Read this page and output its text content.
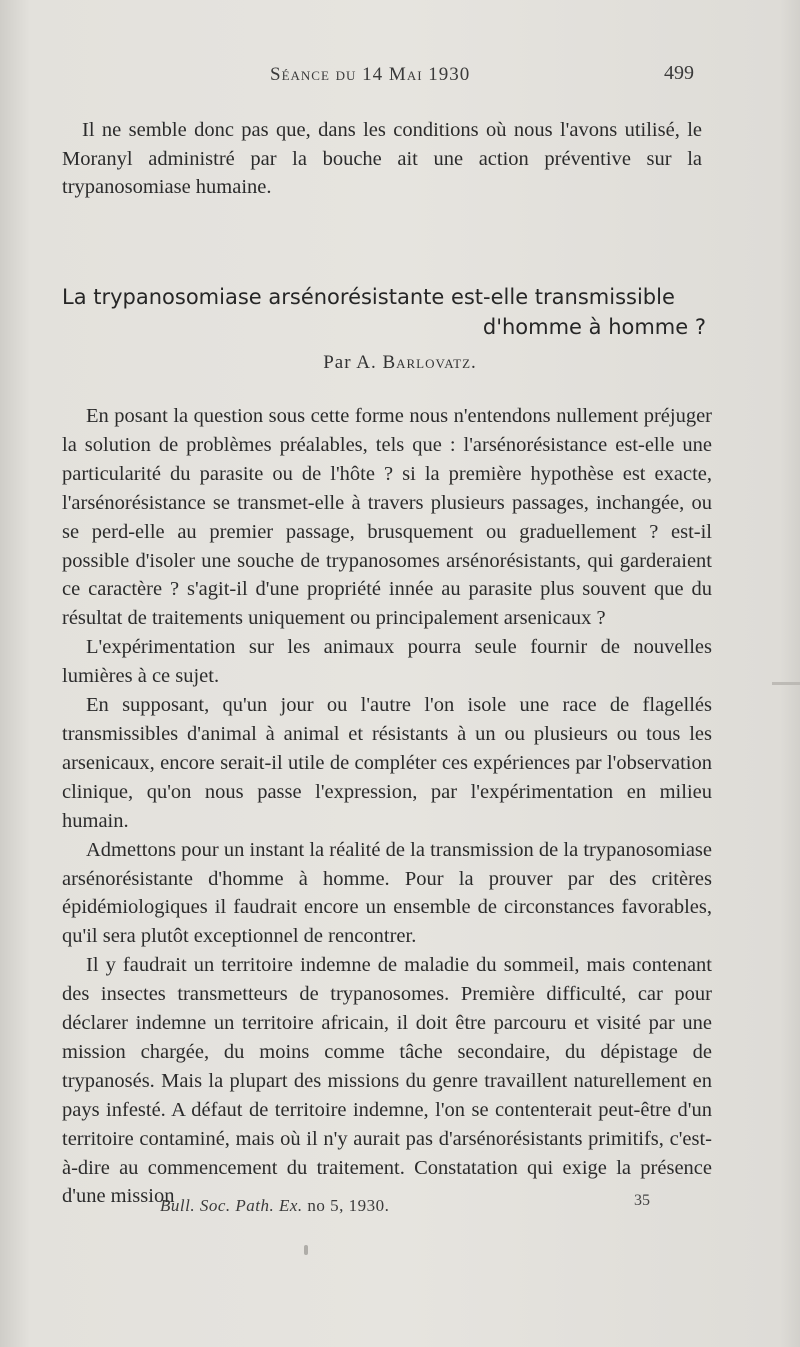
Séance du 14 Mai 1930	499

Il ne semble donc pas que, dans les conditions où nous l'avons utilisé, le Moranyl administré par la bouche ait une action préventive sur la trypanosomiase humaine.

La trypanosomiase arsénorésistante est-elle transmissible
d'homme à homme ?
Par A. Barlovatz.

En posant la question sous cette forme nous n'entendons nullement préjuger la solution de problèmes préalables, tels que : l'arsénorésistance est-elle une particularité du parasite ou de l'hôte ? si la première hypothèse est exacte, l'arsénorésistance se transmet-elle à travers plusieurs passages, inchangée, ou se perd-elle au premier passage, brusquement ou graduellement ? est-il possible d'isoler une souche de trypanosomes arsénorésistants, qui garderaient ce caractère ? s'agit-il d'une propriété innée au parasite plus souvent que du résultat de traitements uniquement ou principalement arsenicaux ?

L'expérimentation sur les animaux pourra seule fournir de nouvelles lumières à ce sujet.

En supposant, qu'un jour ou l'autre l'on isole une race de flagellés transmissibles d'animal à animal et résistants à un ou plusieurs ou tous les arsenicaux, encore serait-il utile de compléter ces expériences par l'observation clinique, qu'on nous passe l'expression, par l'expérimentation en milieu humain.

Admettons pour un instant la réalité de la transmission de la trypanosomiase arsénorésistante d'homme à homme. Pour la prouver par des critères épidémiologiques il faudrait encore un ensemble de circonstances favorables, qu'il sera plutôt exceptionnel de rencontrer.

Il y faudrait un territoire indemne de maladie du sommeil, mais contenant des insectes transmetteurs de trypanosomes. Première difficulté, car pour déclarer indemne un territoire africain, il doit être parcouru et visité par une mission chargée, du moins comme tâche secondaire, du dépistage de trypanosés. Mais la plupart des missions du genre travaillent naturellement en pays infesté. A défaut de territoire indemne, l'on se contenterait peut-être d'un territoire contaminé, mais où il n'y aurait pas d'arsénorésistants primitifs, c'est-à-dire au commencement du traitement. Constatation qui exige la présence d'une mission

Bull. Soc. Path. Ex. no 5, 1930.	35
